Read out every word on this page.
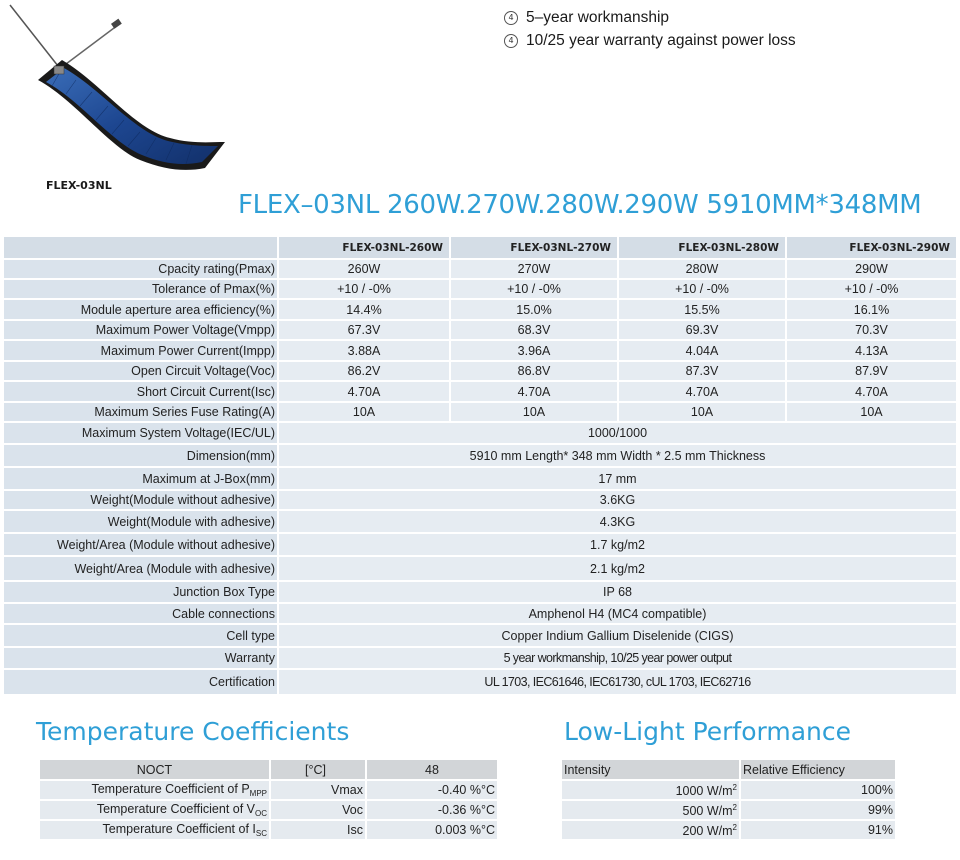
FLEX-03NL
4 5–year workmanship
4 10/25 year warranty against power loss
FLEX–03NL 260W.270W.280W.290W 5910MM*348MM
	FLEX-03NL-260W	FLEX-03NL-270W	FLEX-03NL-280W	FLEX-03NL-290W
Cpacity rating(Pmax)	260W	270W	280W	290W
Tolerance of Pmax(%)	+10 / -0%	+10 / -0%	+10 / -0%	+10 / -0%
Module aperture area efficiency(%)	14.4%	15.0%	15.5%	16.1%
Maximum Power Voltage(Vmpp)	67.3V	68.3V	69.3V	70.3V
Maximum Power Current(Impp)	3.88A	3.96A	4.04A	4.13A
Open Circuit Voltage(Voc)	86.2V	86.8V	87.3V	87.9V
Short Circuit Current(Isc)	4.70A	4.70A	4.70A	4.70A
Maximum Series Fuse Rating(A)	10A	10A	10A	10A
Maximum System Voltage(IEC/UL)	1000/1000			
Dimension(mm)	5910 mm Length* 348 mm Width * 2.5 mm Thickness			
Maximum at J-Box(mm)	17 mm			
Weight(Module without adhesive)	3.6KG			
Weight(Module with adhesive)	4.3KG			
Weight/Area (Module without adhesive)	1.7 kg/m2			
Weight/Area (Module with adhesive)	2.1 kg/m2			
Junction Box Type	IP 68			
Cable connections	Amphenol H4 (MC4 compatible)			
Cell type	Copper Indium Gallium Diselenide (CIGS)			
Warranty	5 year workmanship, 10/25 year power output			
Certification	UL 1703, IEC61646, IEC61730, cUL 1703, IEC62716			
Temperature Coefficients
NOCT	[°C]	48
Temperature Coefficient of $P_{MPP}$	Vmax	-0.40 %°C
Temperature Coefficient of $V_{OC}$	Voc	-0.36 %°C
Temperature Coefficient of $I_{SC}$	Isc	0.003 %°C
Low-Light Performance
Intensity	Relative Efficiency
1000 $W/m^2$	100%
500 $W/m^2$	99%
200 $W/m^2$	91%
